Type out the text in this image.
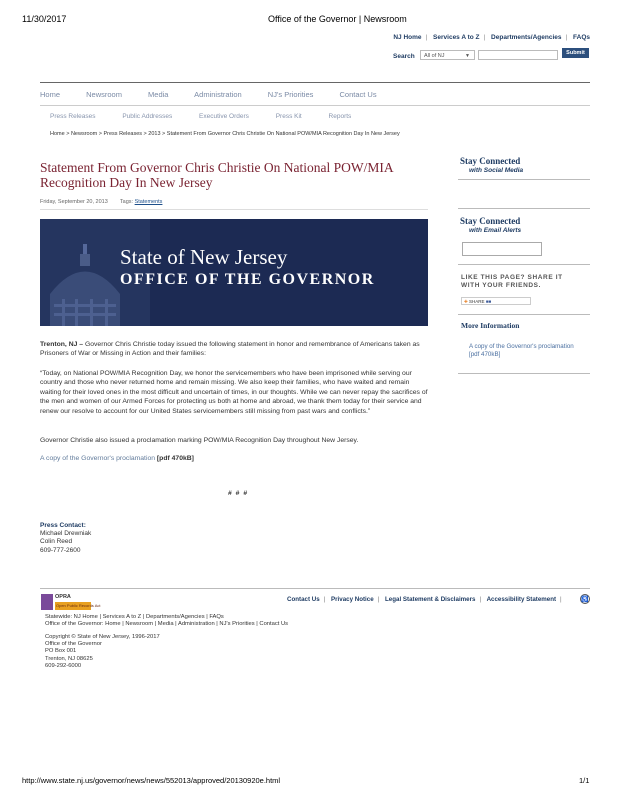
11/30/2017	Office of the Governor | Newsroom
NJ Home | Services A to Z | Departments/Agencies | FAQs
Search	All of NJ	▼	Submit
Home	Newsroom	Media	Administration	NJ's Priorities	Contact Us
Press Releases	Public Addresses	Executive Orders	Press Kit	Reports
Home > Newsroom > Press Releases > 2013 > Statement From Governor Chris Christie On National POW/MIA Recognition Day In New Jersey
Statement From Governor Chris Christie On National POW/MIA Recognition Day In New Jersey
Friday, September 20, 2013 Tags: Statements
State of New Jersey
OFFICE OF THE GOVERNOR
Trenton, NJ – Governor Chris Christie today issued the following statement in honor and remembrance of Americans taken as Prisoners of War or Missing in Action and their families:
“Today, on National POW/MIA Recognition Day, we honor the servicemembers who have been imprisoned while serving our country and those who never returned home and remain missing. We also keep their families, who have waited and remain waiting for their loved ones in the most difficult and uncertain of times, in our thoughts. While we can never repay the sacrifices of the men and women of our Armed Forces for protecting us both at home and abroad, we thank them today for their service and renew our resolve to account for our United States servicemembers still missing from past wars and conflicts.”
Governor Christie also issued a proclamation marking POW/MIA Recognition Day throughout New Jersey.
A copy of the Governor's proclamation [pdf 470kB]
# # #
Press Contact:
Michael Drewniak
Colin Reed
609-777-2600
Stay Connected
with Social Media
Stay Connected
with Email Alerts
LIKE THIS PAGE? SHARE IT
WITH YOUR FRIENDS.
✚ SHARE ■■
More Information
A copy of the Governor's proclamation [pdf 470kB]
OPRA
Open Public Records Act
Contact Us | Privacy Notice | Legal Statement & Disclaimers | Accessibility Statement |	♿
Statewide: NJ Home | Services A to Z | Departments/Agencies | FAQs
Office of the Governor: Home | Newsroom | Media | Administration | NJ's Priorities | Contact Us
Copyright © State of New Jersey, 1996-2017
Office of the Governor
PO Box 001
Trenton, NJ 08625
609-292-6000
http://www.state.nj.us/governor/news/news/552013/approved/20130920e.html	1/1
